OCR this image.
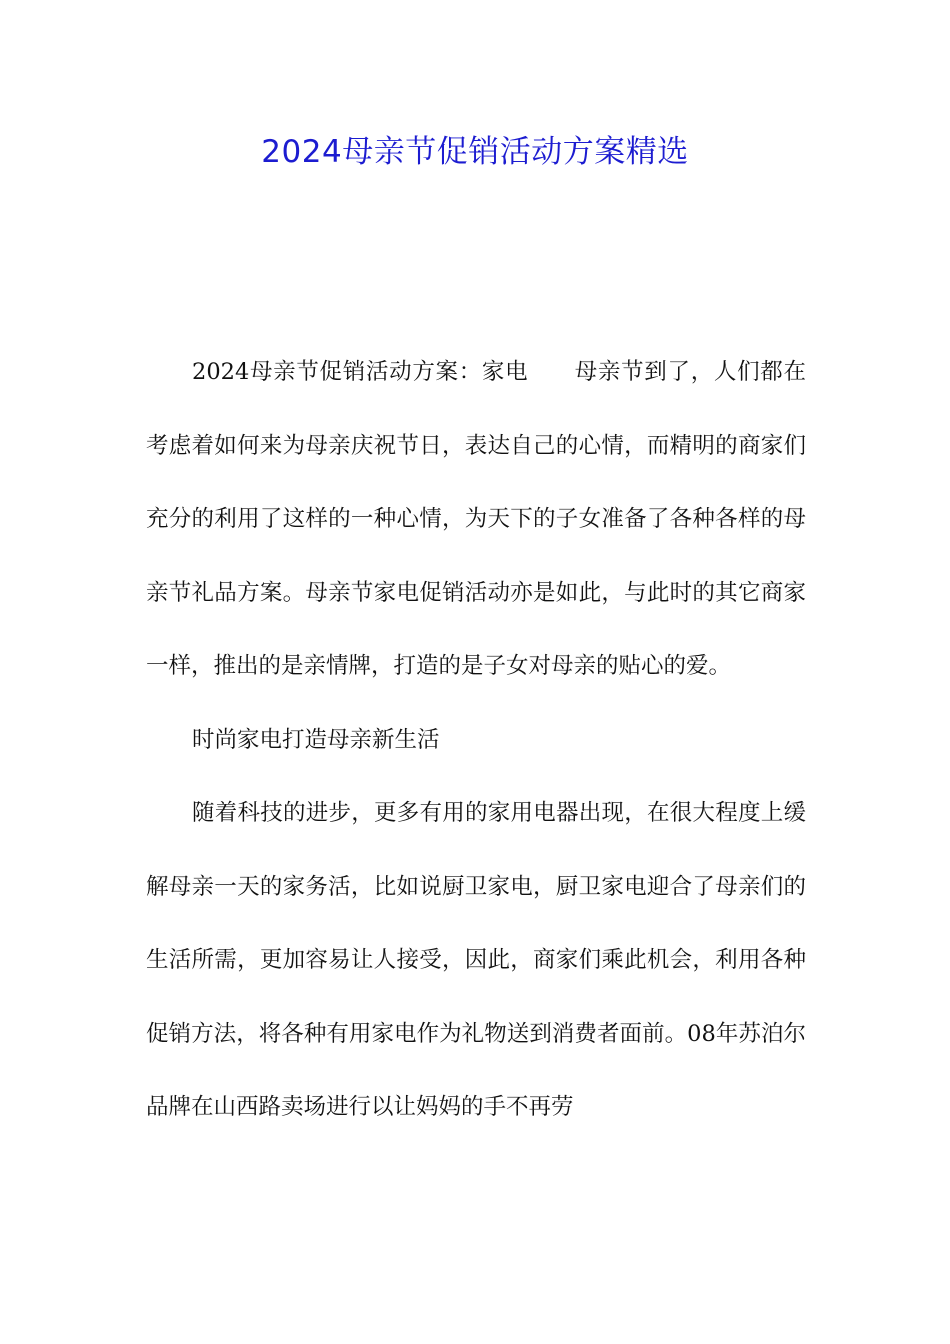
2024母亲节促销活动方案精选

2024母亲节促销活动方案：家电　　母亲节到了，人们都在考虑着如何来为母亲庆祝节日，表达自己的心情，而精明的商家们充分的利用了这样的一种心情，为天下的子女准备了各种各样的母亲节礼品方案。母亲节家电促销活动亦是如此，与此时的其它商家一样，推出的是亲情牌，打造的是子女对母亲的贴心的爱。

时尚家电打造母亲新生活

随着科技的进步，更多有用的家用电器出现，在很大程度上缓解母亲一天的家务活，比如说厨卫家电，厨卫家电迎合了母亲们的生活所需，更加容易让人接受，因此，商家们乘此机会，利用各种促销方法，将各种有用家电作为礼物送到消费者面前。08年苏泊尔品牌在山西路卖场进行以让妈妈的手不再劳
